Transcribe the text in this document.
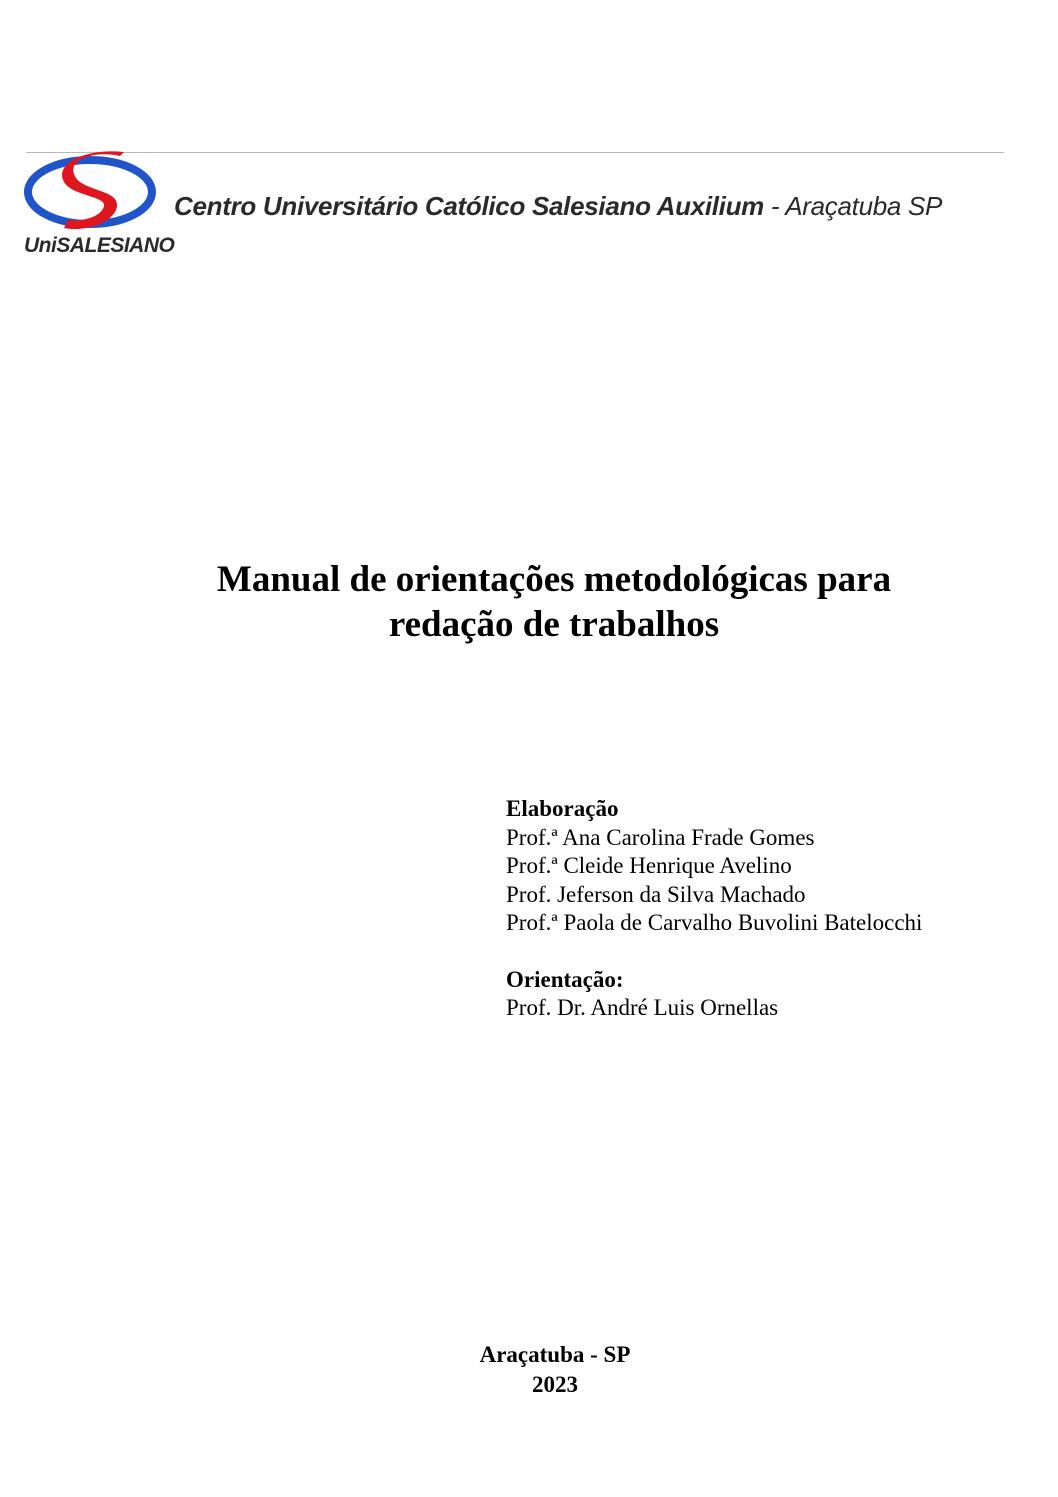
UniSALESIANO
Centro Universitário Católico Salesiano Auxilium - Araçatuba SP
Manual de orientações metodológicas para
redação de trabalhos
Elaboração
Prof.ª Ana Carolina Frade Gomes
Prof.ª Cleide Henrique Avelino
Prof. Jeferson da Silva Machado
Prof.ª Paola de Carvalho Buvolini Batelocchi
Orientação:
Prof. Dr. André Luis Ornellas
Araçatuba - SP
2023
